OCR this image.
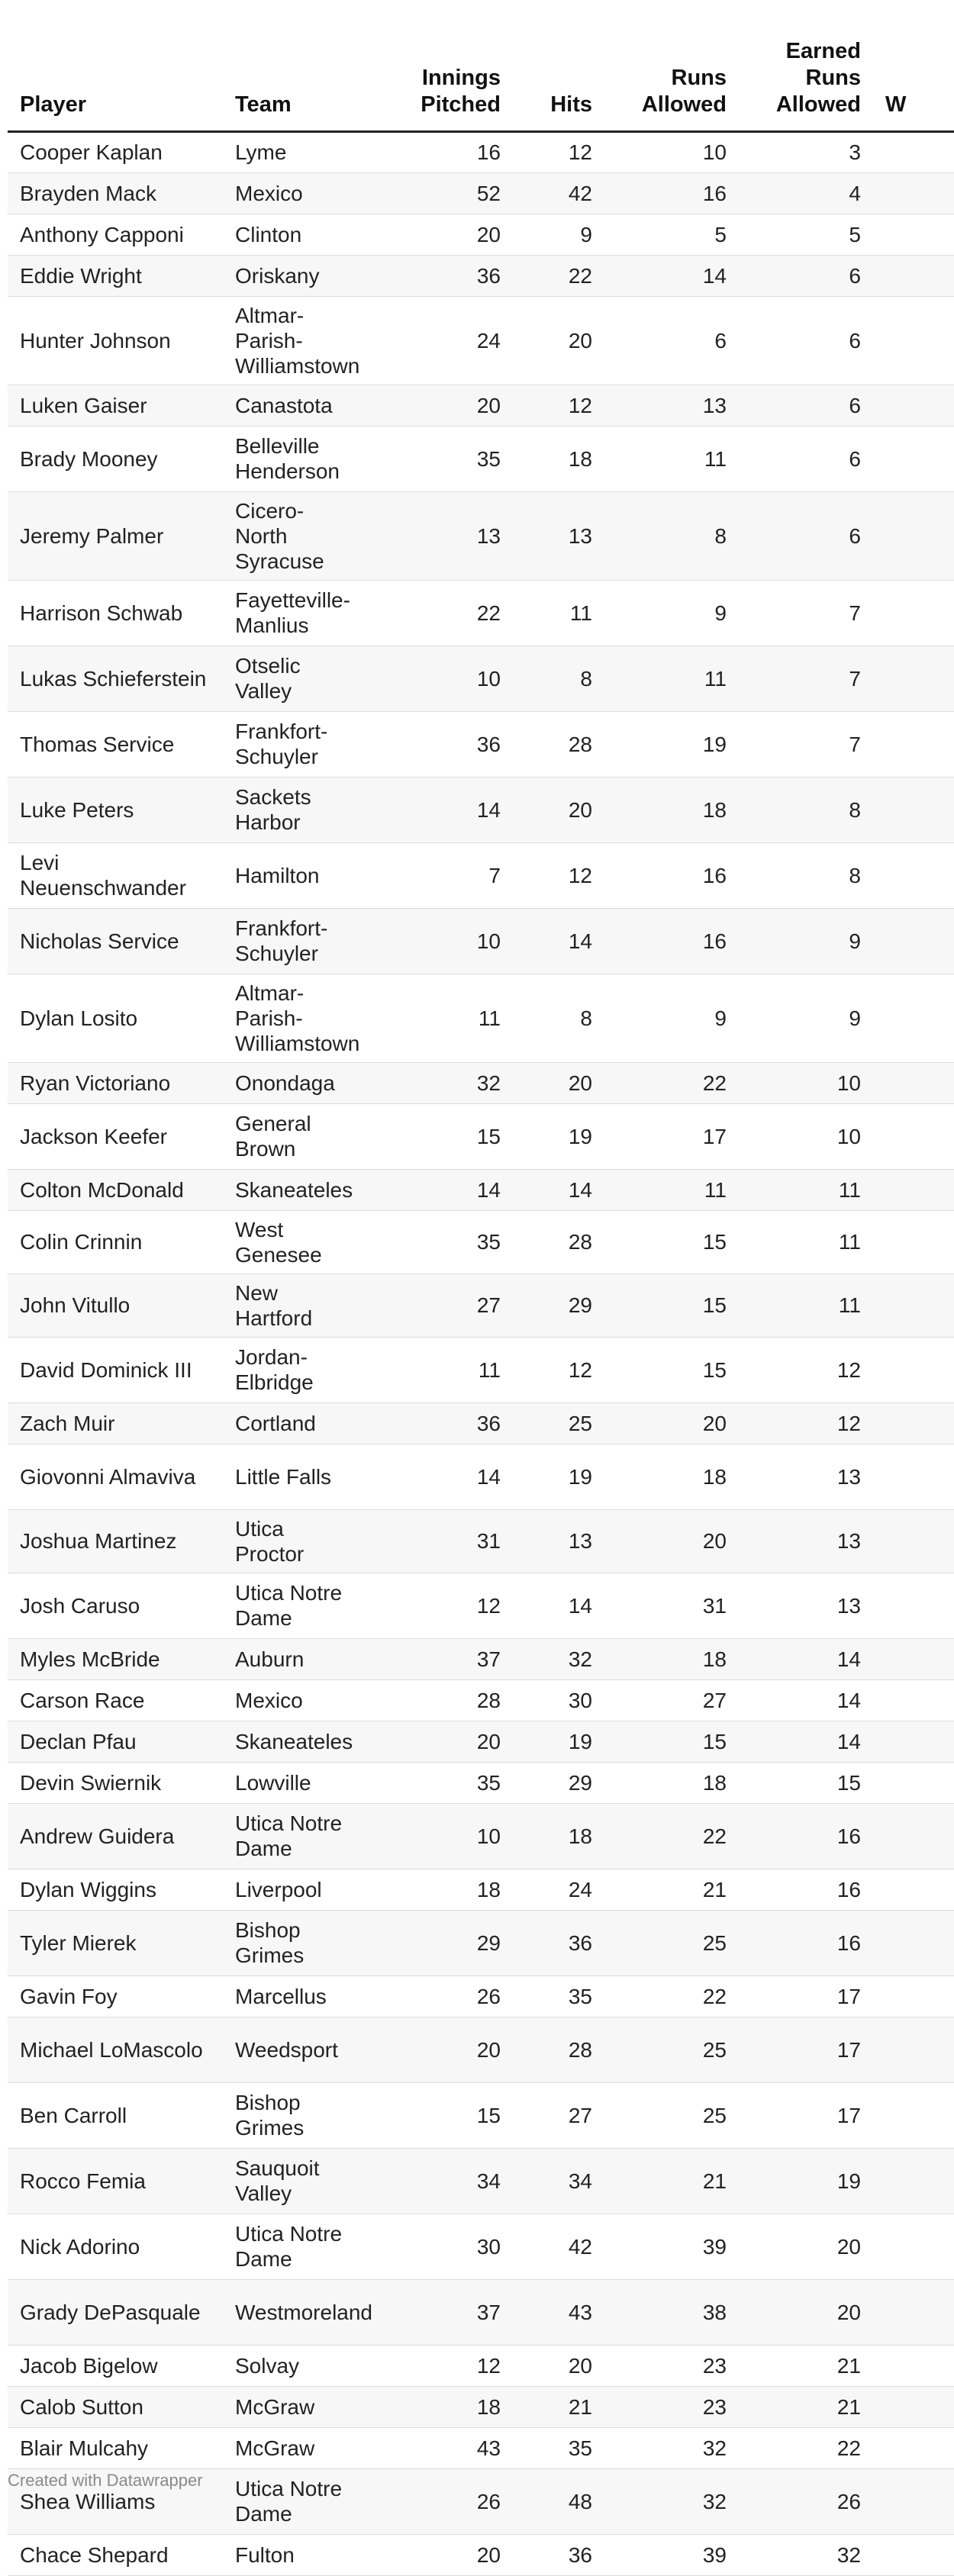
Player	Team	Innings Pitched	Hits	Runs Allowed	Earned Runs Allowed	W
Cooper Kaplan	Lyme	16	12	10	3	
Brayden Mack	Mexico	52	42	16	4	
Anthony Capponi	Clinton	20	9	5	5	
Eddie Wright	Oriskany	36	22	14	6	
Hunter Johnson	Altmar-Parish-Williamstown	24	20	6	6	
Luken Gaiser	Canastota	20	12	13	6	
Brady Mooney	Belleville Henderson	35	18	11	6	
Jeremy Palmer	Cicero-North Syracuse	13	13	8	6	
Harrison Schwab	Fayetteville-Manlius	22	11	9	7	
Lukas Schieferstein	Otselic Valley	10	8	11	7	
Thomas Service	Frankfort-Schuyler	36	28	19	7	
Luke Peters	Sackets Harbor	14	20	18	8	
Levi Neuenschwander	Hamilton	7	12	16	8	
Nicholas Service	Frankfort-Schuyler	10	14	16	9	
Dylan Losito	Altmar-Parish-Williamstown	11	8	9	9	
Ryan Victoriano	Onondaga	32	20	22	10	
Jackson Keefer	General Brown	15	19	17	10	
Colton McDonald	Skaneateles	14	14	11	11	
Colin Crinnin	West Genesee	35	28	15	11	
John Vitullo	New Hartford	27	29	15	11	
David Dominick III	Jordan-Elbridge	11	12	15	12	
Zach Muir	Cortland	36	25	20	12	
Giovonni Almaviva	Little Falls	14	19	18	13	
Joshua Martinez	Utica Proctor	31	13	20	13	
Josh Caruso	Utica Notre Dame	12	14	31	13	
Myles McBride	Auburn	37	32	18	14	
Carson Race	Mexico	28	30	27	14	
Declan Pfau	Skaneateles	20	19	15	14	
Devin Swiernik	Lowville	35	29	18	15	
Andrew Guidera	Utica Notre Dame	10	18	22	16	
Dylan Wiggins	Liverpool	18	24	21	16	
Tyler Mierek	Bishop Grimes	29	36	25	16	
Gavin Foy	Marcellus	26	35	22	17	
Michael LoMascolo	Weedsport	20	28	25	17	
Ben Carroll	Bishop Grimes	15	27	25	17	
Rocco Femia	Sauquoit Valley	34	34	21	19	
Nick Adorino	Utica Notre Dame	30	42	39	20	
Grady DePasquale	Westmoreland	37	43	38	20	
Jacob Bigelow	Solvay	12	20	23	21	
Calob Sutton	McGraw	18	21	23	21	
Blair Mulcahy	McGraw	43	35	32	22	
Shea Williams	Utica Notre Dame	26	48	32	26	
Chace Shepard	Fulton	20	36	39	32	
Created with Datawrapper
